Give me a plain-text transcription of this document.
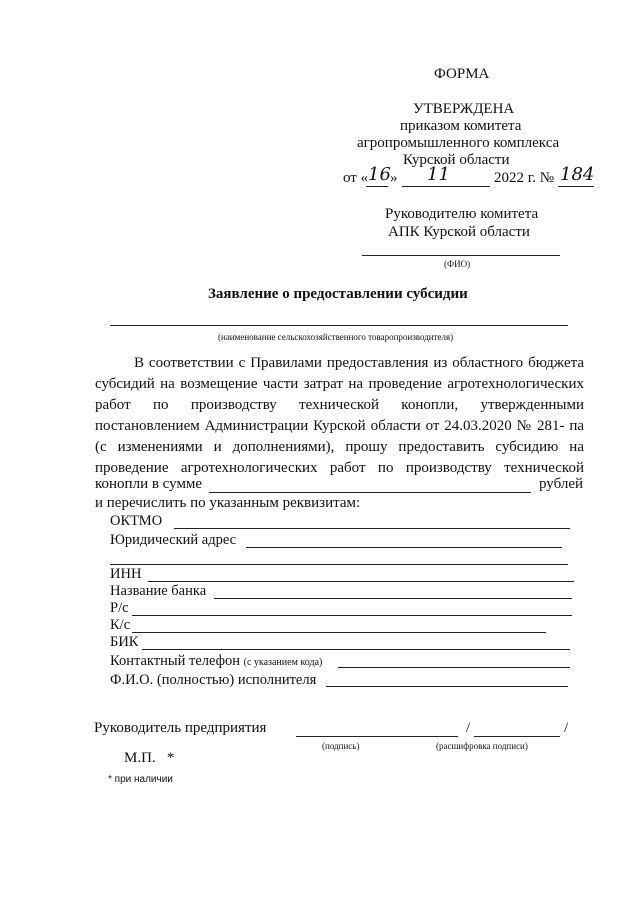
ФОРМА
УТВЕРЖДЕНА
приказом комитета
агропромышленного комплекса
Курской области
от « 16 » 11	2022 г. № 184
Руководителю комитета
АПК Курской области
(ФИО)
Заявление о предоставлении субсидии
(наименование сельскохозяйственного товаропроизводителя)
В соответствии с Правилами предоставления из областного бюджета
субсидий на возмещение части затрат на проведение агротехнологических
работ по производству технической конопли, утвержденными
постановлением Администрации Курской области от 24.03.2020 № 281- па
(с изменениями и дополнениями), прошу предоставить субсидию на
проведение агротехнологических работ по производству технической
конопли в сумме	рублей
и перечислить по указанным реквизитам:
ОКТМО
Юридический адрес
ИНН
Название банка
Р/с
К/с
БИК
Контактный телефон (с указанием кода)
Ф.И.О. (полностью) исполнителя
Руководитель предприятия	/	/
(подпись)	(расшифровка подписи)
М.П.   *
* при наличии
